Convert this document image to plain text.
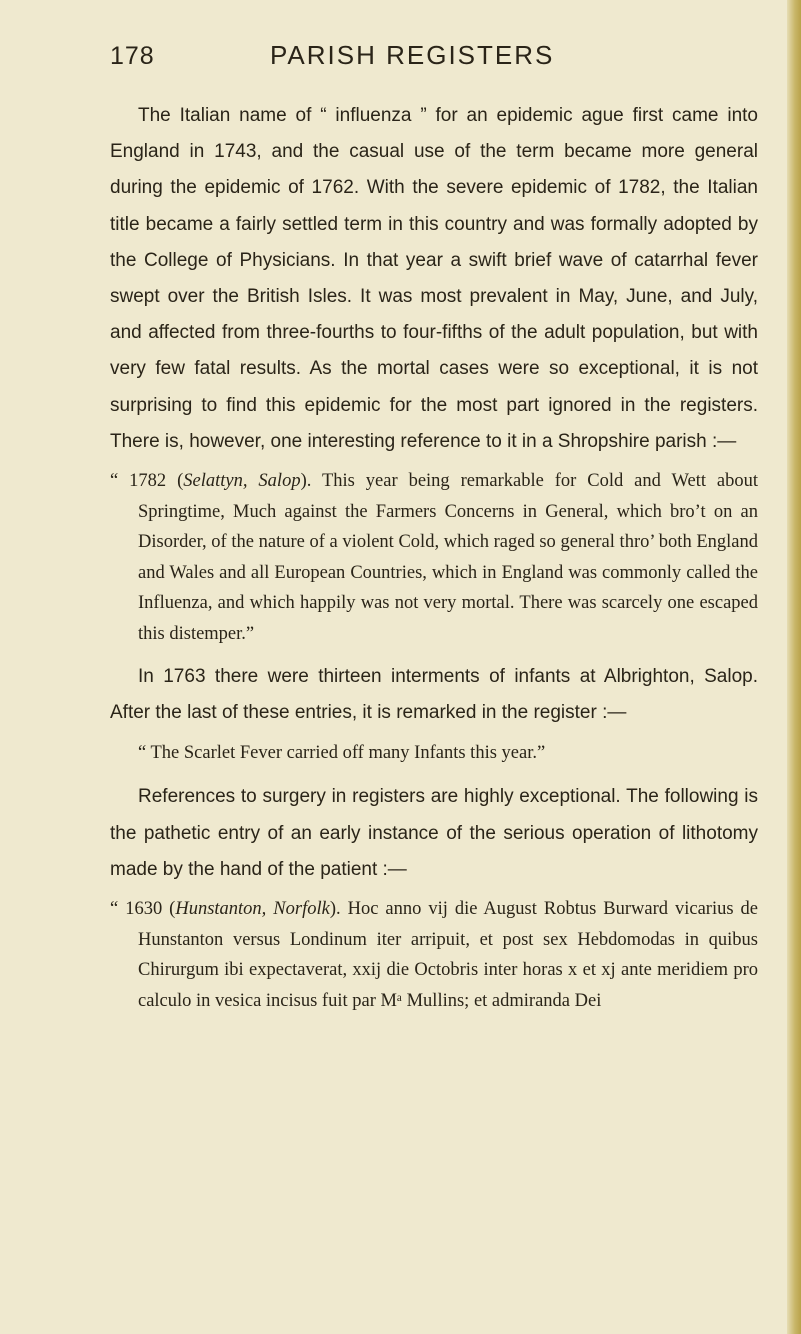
178	PARISH REGISTERS

The Italian name of “ influenza ” for an epidemic ague first came into England in 1743, and the casual use of the term became more general during the epidemic of 1762. With the severe epidemic of 1782, the Italian title became a fairly settled term in this country and was formally adopted by the College of Physicians. In that year a swift brief wave of catarrhal fever swept over the British Isles. It was most prevalent in May, June, and July, and affected from three-fourths to four-fifths of the adult population, but with very few fatal results. As the mortal cases were so exceptional, it is not surprising to find this epidemic for the most part ignored in the registers. There is, however, one interesting reference to it in a Shropshire parish :—

“ 1782 (Selattyn, Salop). This year being remarkable for Cold and Wett about Springtime, Much against the Farmers Concerns in General, which bro’t on an Disorder, of the nature of a violent Cold, which raged so general thro’ both England and Wales and all European Countries, which in England was commonly called the Influenza, and which happily was not very mortal. There was scarcely one escaped this distemper.”

In 1763 there were thirteen interments of infants at Albrighton, Salop. After the last of these entries, it is remarked in the register :—

“ The Scarlet Fever carried off many Infants this year.”

References to surgery in registers are highly exceptional. The following is the pathetic entry of an early instance of the serious operation of lithotomy made by the hand of the patient :—

“ 1630 (Hunstanton, Norfolk). Hoc anno vij die August Robtus Burward vicarius de Hunstanton versus Londinum iter arripuit, et post sex Hebdomodas in quibus Chirurgum ibi expectaverat, xxij die Octobris inter horas x et xj ante meridiem pro calculo in vesica incisus fuit par Mᵃ Mullins; et admiranda Dei
